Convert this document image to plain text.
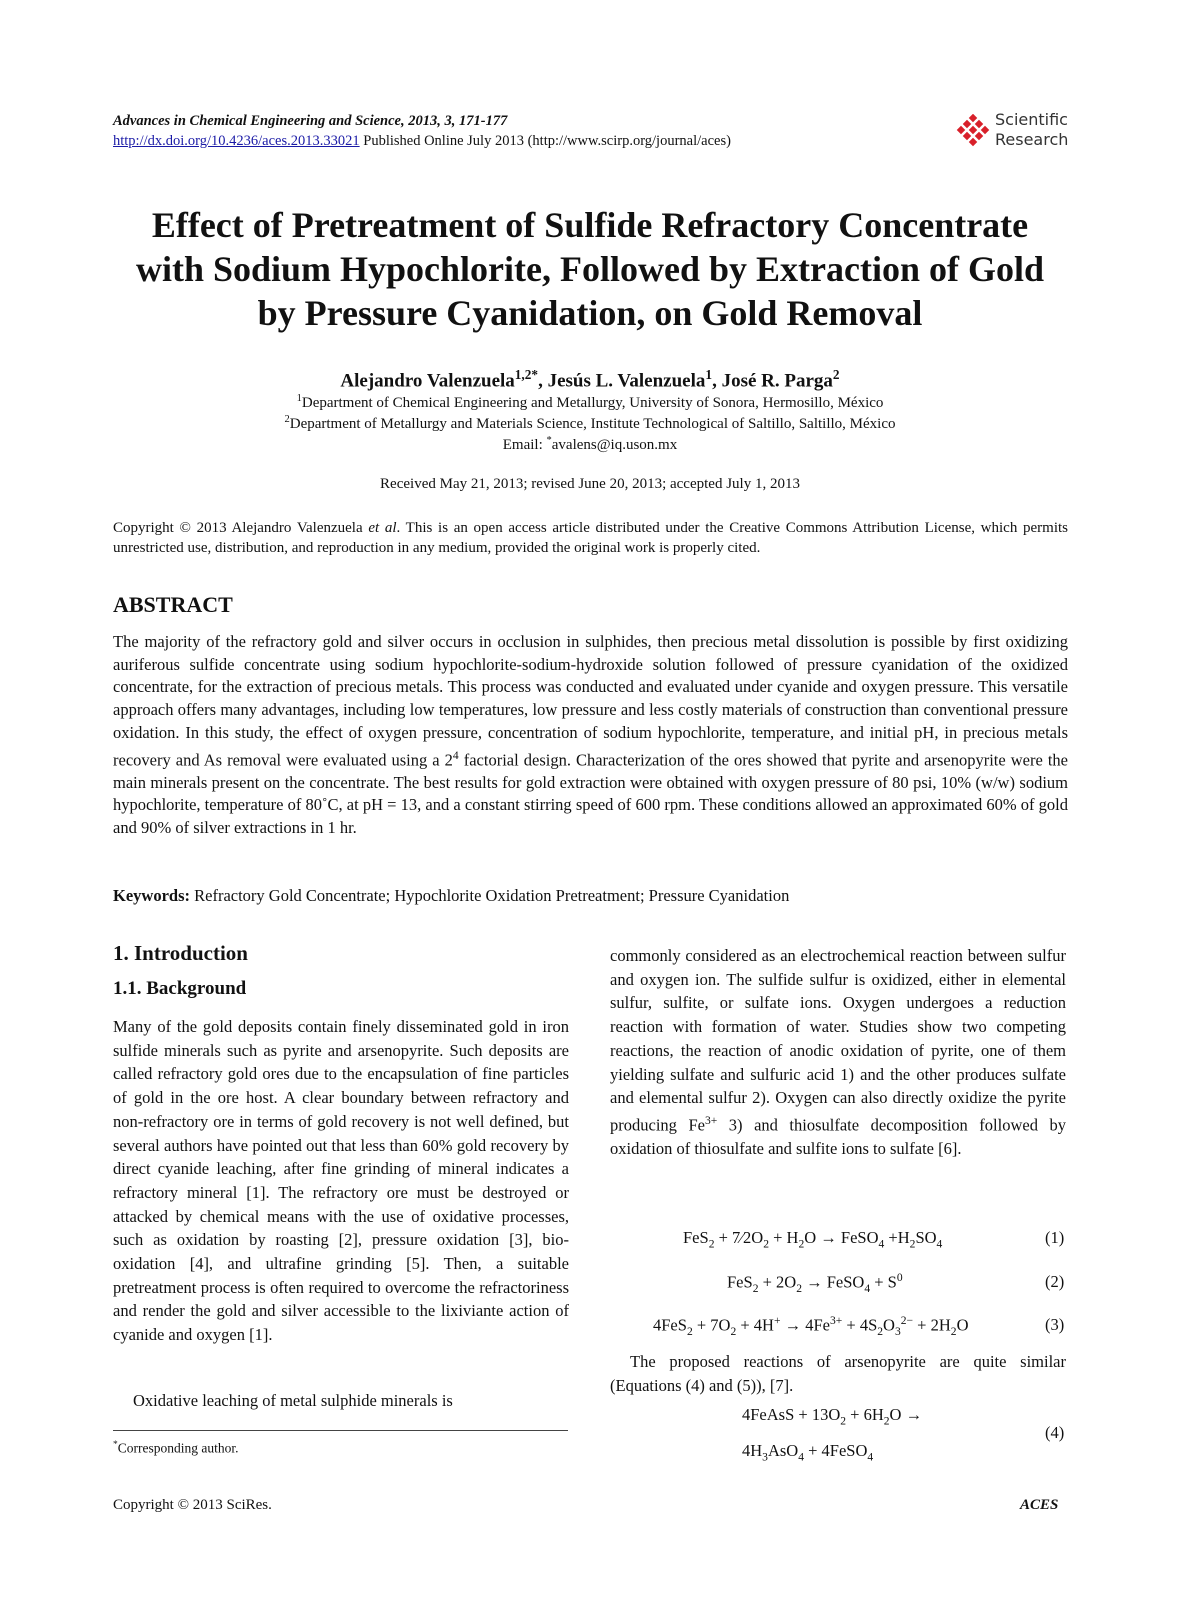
Advances in Chemical Engineering and Science, 2013, 3, 171-177
http://dx.doi.org/10.4236/aces.2013.33021 Published Online July 2013 (http://www.scirp.org/journal/aces)
Scientific
Research
Effect of Pretreatment of Sulfide Refractory Concentrate
with Sodium Hypochlorite, Followed by Extraction of Gold
by Pressure Cyanidation, on Gold Removal
Alejandro Valenzuela$^{1,2*}$, Jesús L. Valenzuela$^1$, José R. Parga$^2$
$^1$Department of Chemical Engineering and Metallurgy, University of Sonora, Hermosillo, México
$^2$Department of Metallurgy and Materials Science, Institute Technological of Saltillo, Saltillo, México
Email: *avalens@iq.uson.mx
Received May 21, 2013; revised June 20, 2013; accepted July 1, 2013
Copyright © 2013 Alejandro Valenzuela et al. This is an open access article distributed under the Creative Commons Attribution License, which permits unrestricted use, distribution, and reproduction in any medium, provided the original work is properly cited.
ABSTRACT
The majority of the refractory gold and silver occurs in occlusion in sulphides, then precious metal dissolution is possible by first oxidizing auriferous sulfide concentrate using sodium hypochlorite-sodium-hydroxide solution followed of pressure cyanidation of the oxidized concentrate, for the extraction of precious metals. This process was conducted and evaluated under cyanide and oxygen pressure. This versatile approach offers many advantages, including low temperatures, low pressure and less costly materials of construction than conventional pressure oxidation. In this study, the effect of oxygen pressure, concentration of sodium hypochlorite, temperature, and initial pH, in precious metals recovery and As removal were evaluated using a $2^4$ factorial design. Characterization of the ores showed that pyrite and arsenopyrite were the main minerals present on the concentrate. The best results for gold extraction were obtained with oxygen pressure of 80 psi, 10% (w/w) sodium hypochlorite, temperature of 80˚C, at pH = 13, and a constant stirring speed of 600 rpm. These conditions allowed an approximated 60% of gold and 90% of silver extractions in 1 hr.
Keywords: Refractory Gold Concentrate; Hypochlorite Oxidation Pretreatment; Pressure Cyanidation
1. Introduction
1.1. Background
Many of the gold deposits contain finely disseminated gold in iron sulfide minerals such as pyrite and arsenopyrite. Such deposits are called refractory gold ores due to the encapsulation of fine particles of gold in the ore host. A clear boundary between refractory and non-refractory ore in terms of gold recovery is not well defined, but several authors have pointed out that less than 60% gold recovery by direct cyanide leaching, after fine grinding of mineral indicates a refractory mineral [1]. The refractory ore must be destroyed or attacked by chemical means with the use of oxidative processes, such as oxidation by roasting [2], pressure oxidation [3], bio-oxidation [4], and ultrafine grinding [5]. Then, a suitable pretreatment process is often required to overcome the refractoriness and render the gold and silver accessible to the lixiviante action of cyanide and oxygen [1].
Oxidative leaching of metal sulphide minerals is
*Corresponding author.
commonly considered as an electrochemical reaction between sulfur and oxygen ion. The sulfide sulfur is oxidized, either in elemental sulfur, sulfite, or sulfate ions. Oxygen undergoes a reduction reaction with formation of water. Studies show two competing reactions, the reaction of anodic oxidation of pyrite, one of them yielding sulfate and sulfuric acid 1) and the other produces sulfate and elemental sulfur 2). Oxygen can also directly oxidize the pyrite producing $Fe^{3+}$ 3) and thiosulfate decomposition followed by oxidation of thiosulfate and sulfite ions to sulfate [6].
$FeS_2 + 7∕2O_2 + H_2O$ → FeSO$_4$ $+H_2SO_4$	(1)
$FeS_2 + 2O_2$ → FeSO$_4$ + $S^0$	(2)
$4FeS_2 + 7O_2 + 4H^+ \to 4Fe^{3+} + 4S_2O_3^{2-} + 2H_2O$	(3)
The proposed reactions of arsenopyrite are quite similar (Equations (4) and (5)), [7].
4FeAsS + $13O_2 + 6H_2O$ →
$4H_3AsO_4$ + 4FeSO$_4$
(4)
Copyright © 2013 SciRes.	ACES
